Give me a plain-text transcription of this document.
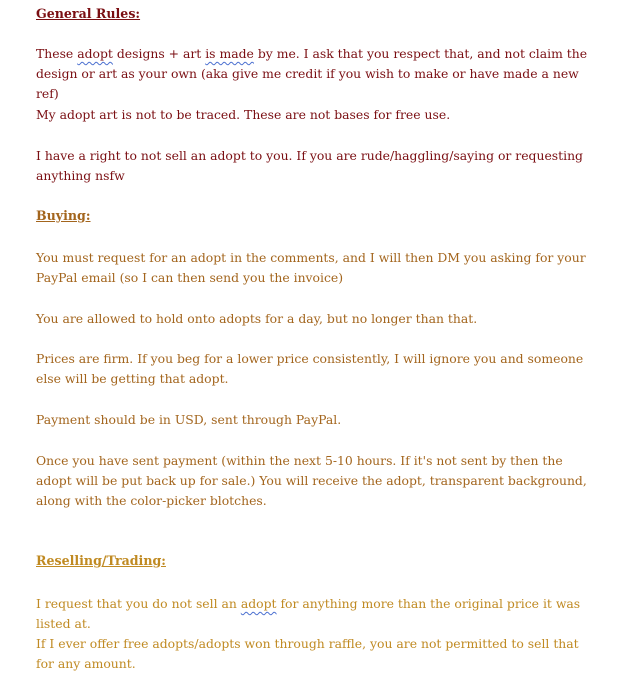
General Rules:

These adopt designs + art is made by me. I ask that you respect that, and not claim the design or art as your own (aka give me credit if you wish to make or have made a new ref)

My adopt art is not to be traced. These are not bases for free use.

I have a right to not sell an adopt to you. If you are rude/haggling/saying or requesting anything nsfw

Buying:

You must request for an adopt in the comments, and I will then DM you asking for your PayPal email (so I can then send you the invoice)

You are allowed to hold onto adopts for a day, but no longer than that.

Prices are firm. If you beg for a lower price consistently, I will ignore you and someone else will be getting that adopt.

Payment should be in USD, sent through PayPal.

Once you have sent payment (within the next 5-10 hours. If it's not sent by then the adopt will be put back up for sale.) You will receive the adopt, transparent background, along with the color-picker blotches.

Reselling/Trading:

I request that you do not sell an adopt for anything more than the original price it was listed at.

If I ever offer free adopts/adopts won through raffle, you are not permitted to sell that for any amount.
